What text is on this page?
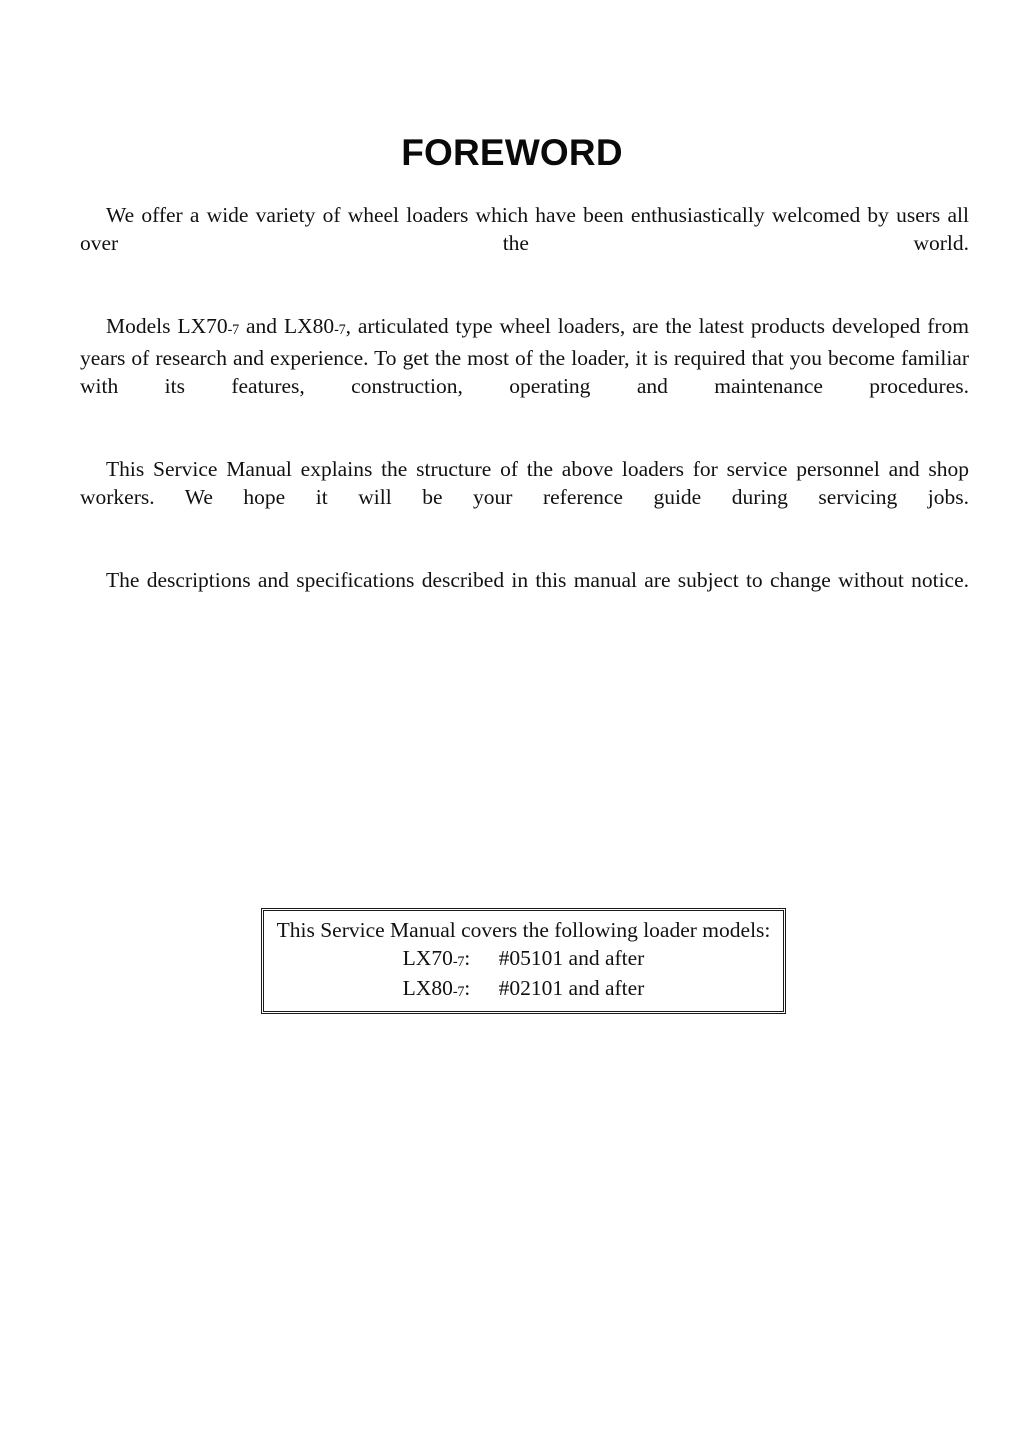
FOREWORD

We offer a wide variety of wheel loaders which have been enthusiastically welcomed by users all over the world.

Models LX70-7 and LX80-7, articulated type wheel loaders, are the latest products developed from years of research and experience. To get the most of the loader, it is required that you become familiar with its features, construction, operating and maintenance procedures.

This Service Manual explains the structure of the above loaders for service personnel and shop workers. We hope it will be your reference guide during servicing jobs.

The descriptions and specifications described in this manual are subject to change without notice.

This Service Manual covers the following loader models:
LX70-7: #05101 and after
LX80-7: #02101 and after
